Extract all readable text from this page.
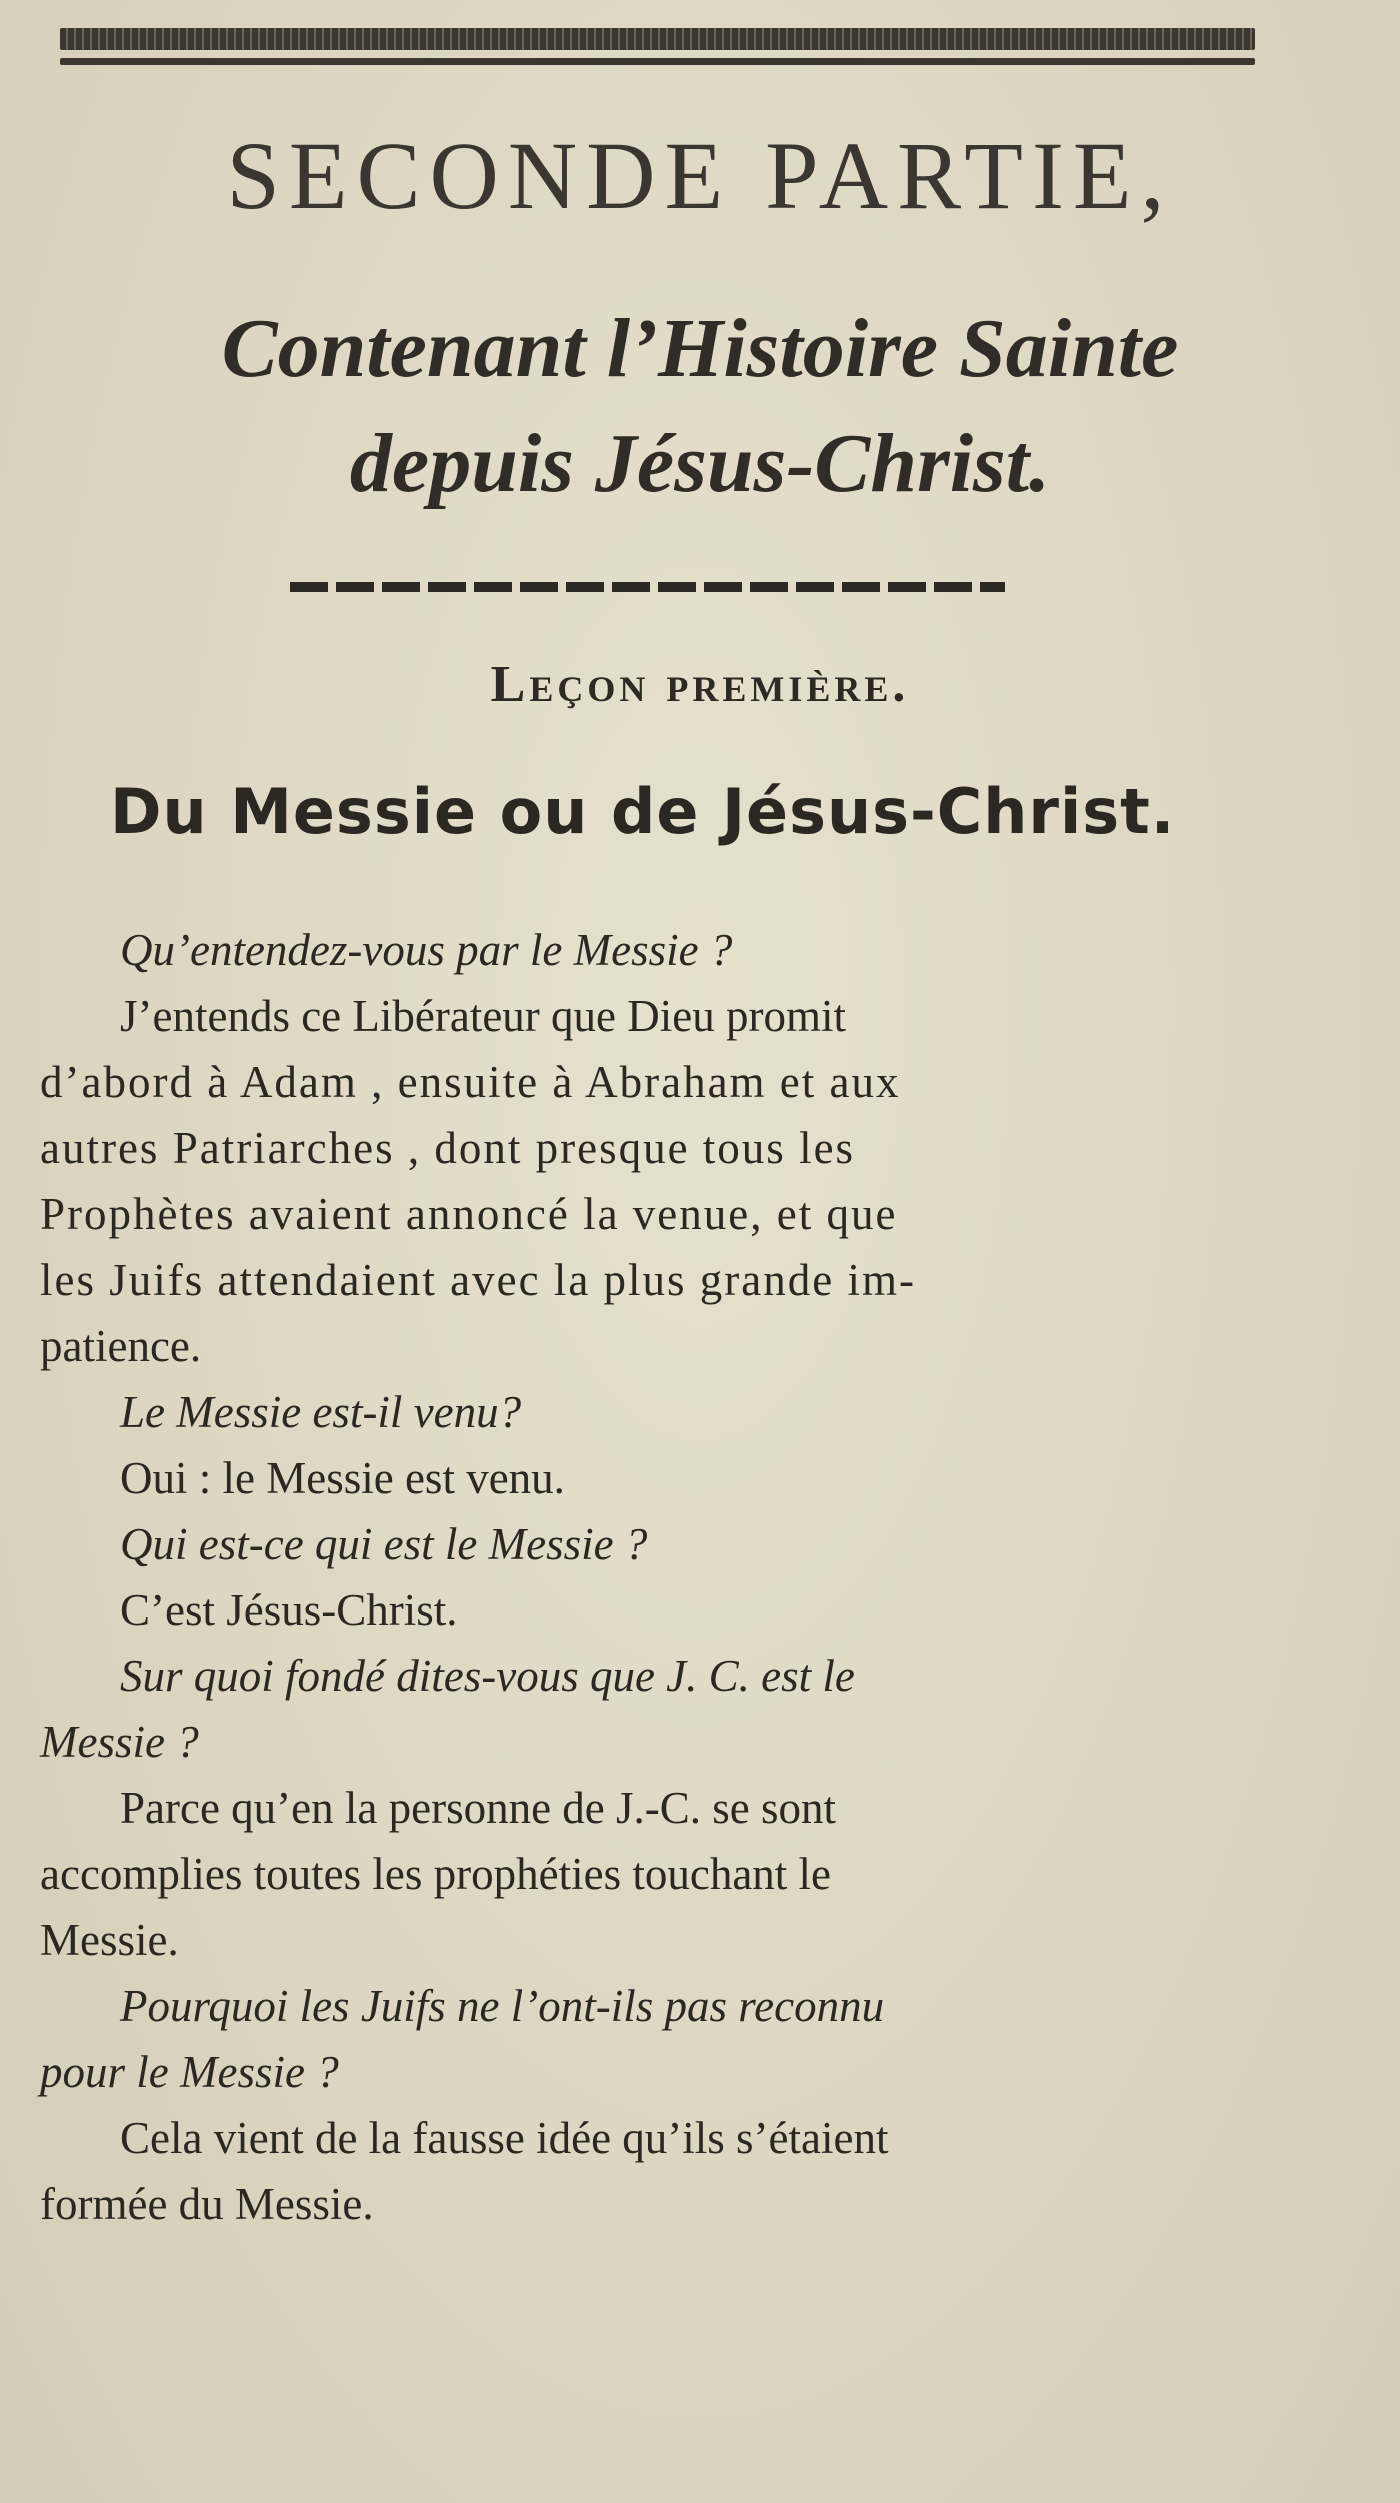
SECONDE PARTIE,
Contenant l’Histoire Sainte
depuis Jésus-Christ.
Leçon première.
Du Messie ou de Jésus-Christ.

Qu’entendez-vous par le Messie ?

J’entends ce Libérateur que Dieu promit

d’abord à Adam , ensuite à Abraham et aux

autres Patriarches , dont presque tous les

Prophètes avaient annoncé la venue, et que

les Juifs attendaient avec la plus grande im-

patience.

Le Messie est-il venu?

Oui : le Messie est venu.

Qui est-ce qui est le Messie ?

C’est Jésus-Christ.

Sur quoi fondé dites-vous que J. C. est le

Messie ?

Parce qu’en la personne de J.-C. se sont

accomplies toutes les prophéties touchant le

Messie.

Pourquoi les Juifs ne l’ont-ils pas reconnu

pour le Messie ?

Cela vient de la fausse idée qu’ils s’étaient

formée du Messie.
